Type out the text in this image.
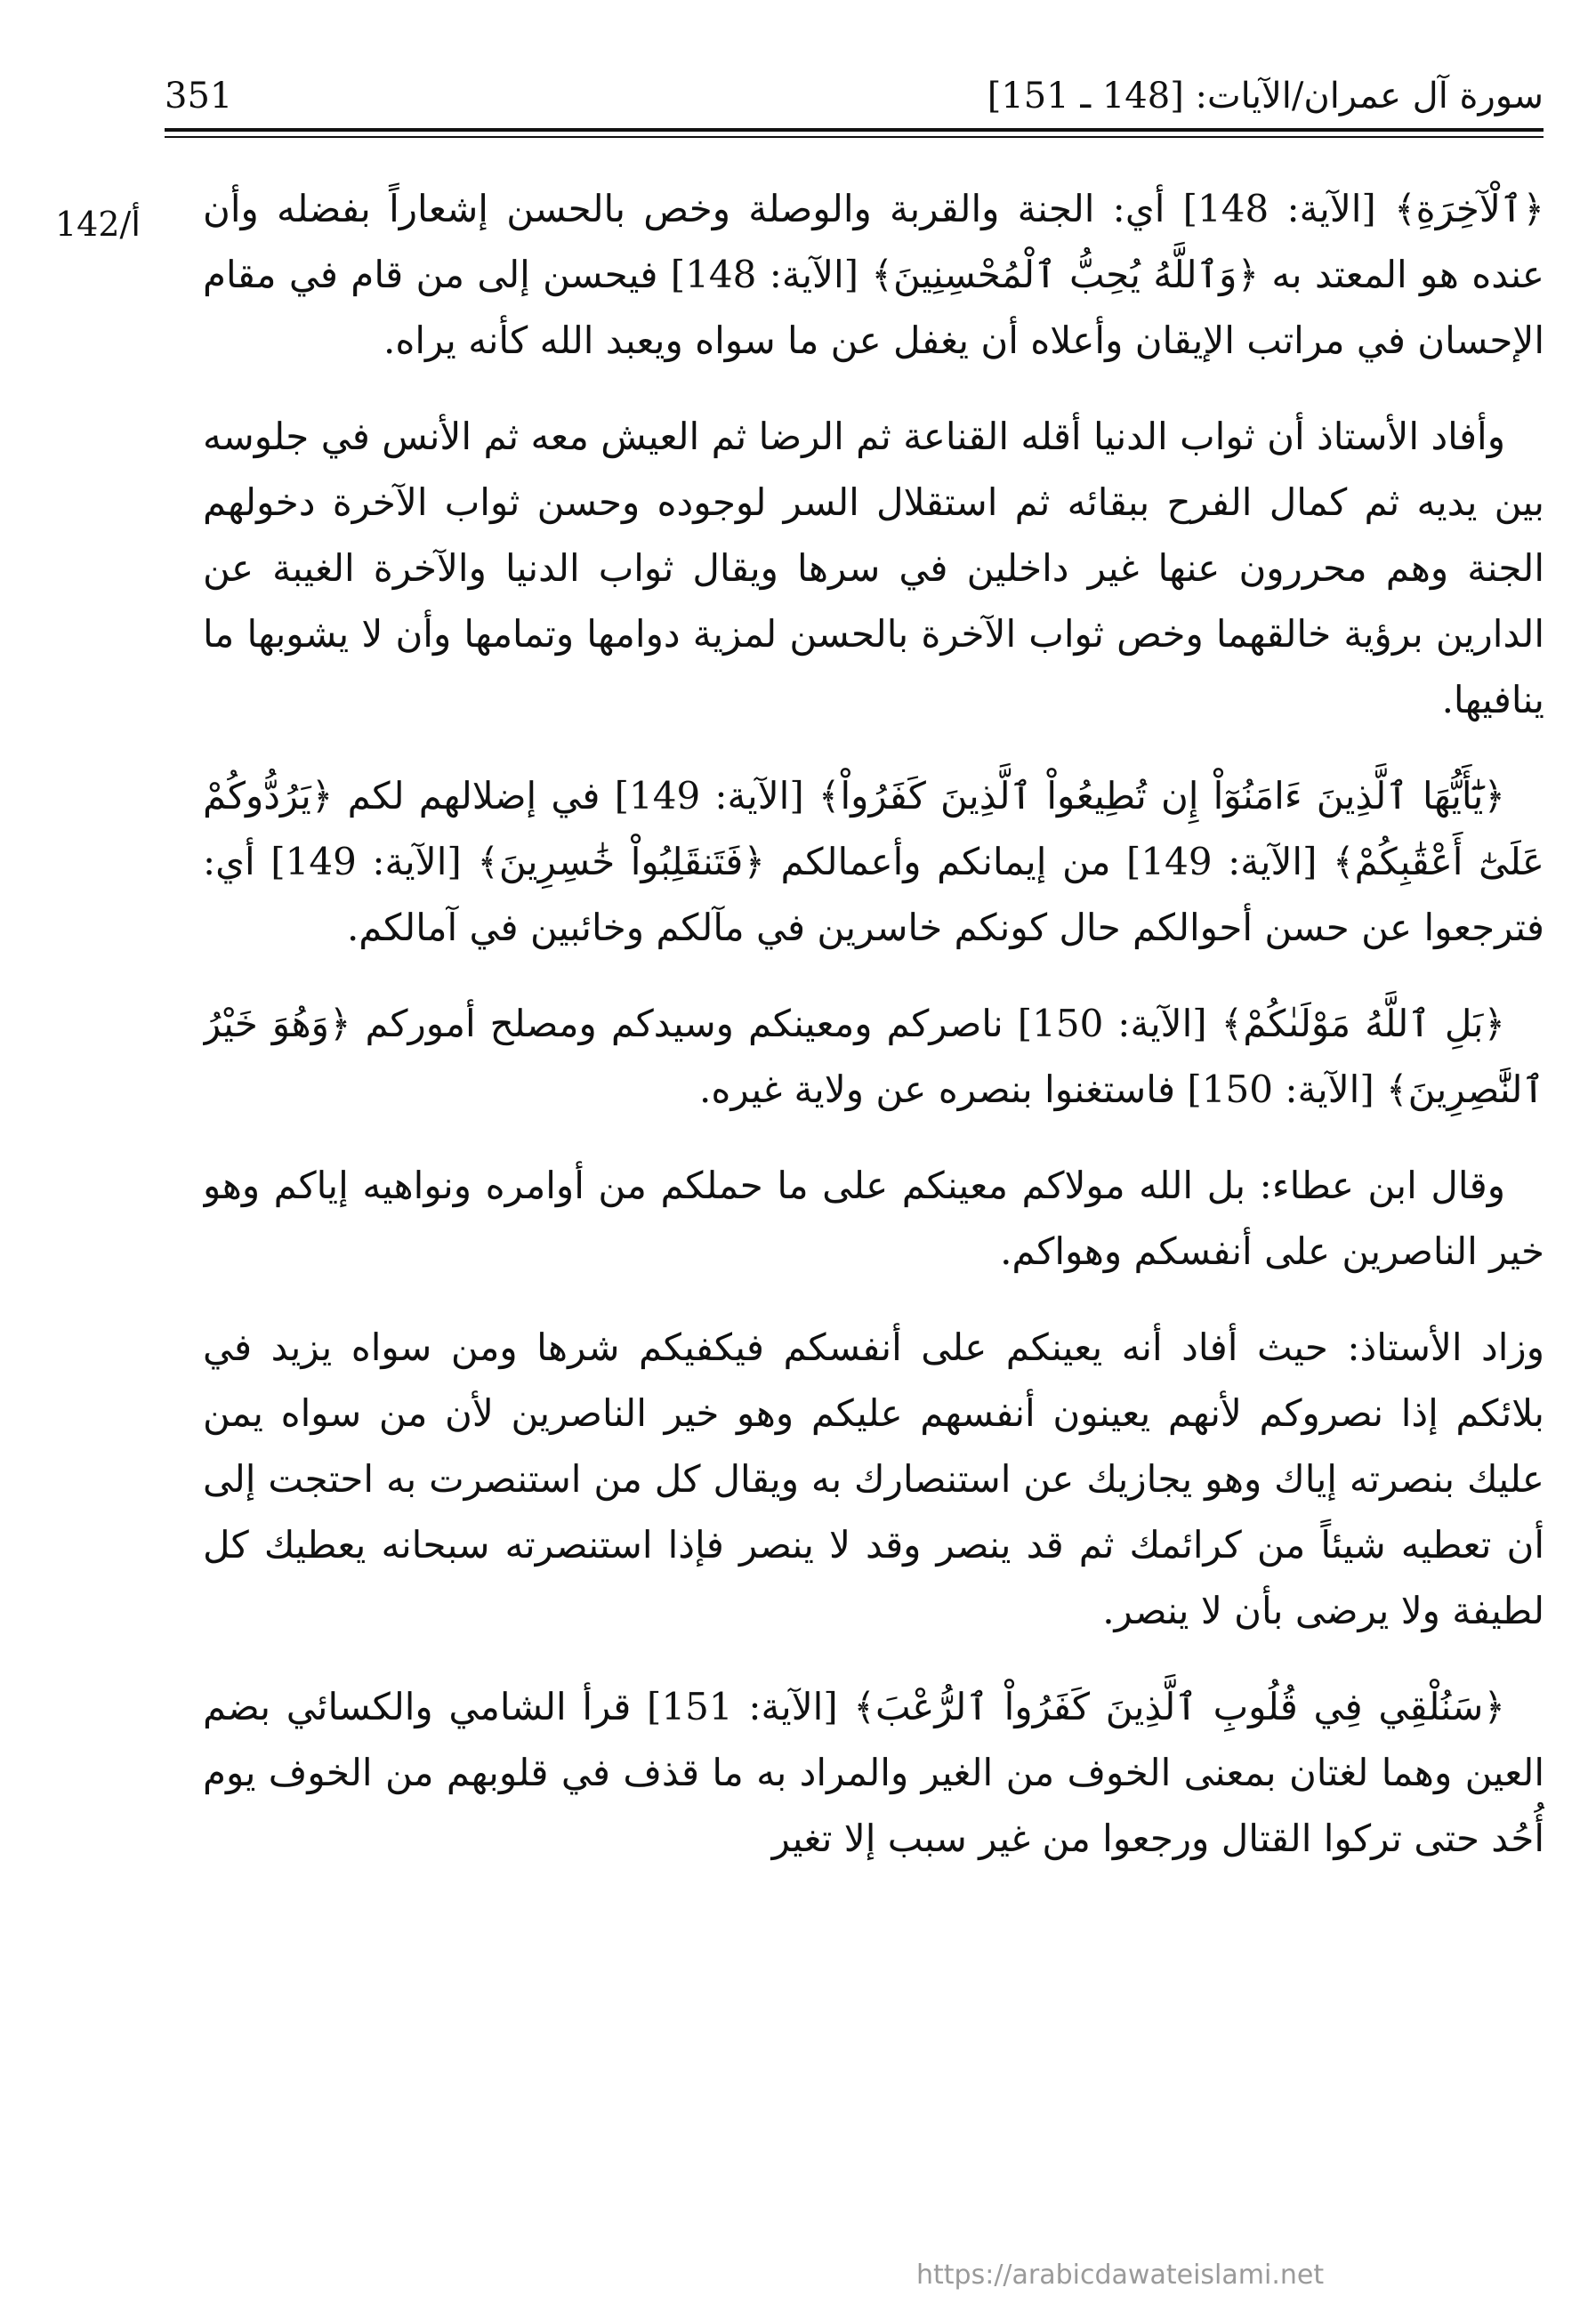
351	سورة آل عمران/الآيات: [148 ـ 151]
142/أ ﴿ٱلْآخِرَةِ﴾ [الآية: 148] أي: الجنة والقربة والوصلة وخص بالحسن إشعاراً بفضله وأن عنده هو المعتد به ﴿وَٱللَّهُ يُحِبُّ ٱلْمُحْسِنِينَ﴾ [الآية: 148] فيحسن إلى من قام في مقام الإحسان في مراتب الإيقان وأعلاه أن يغفل عن ما سواه ويعبد الله كأنه يراه.

وأفاد الأستاذ أن ثواب الدنيا أقله القناعة ثم الرضا ثم العيش معه ثم الأنس في جلوسه بين يديه ثم كمال الفرح ببقائه ثم استقلال السر لوجوده وحسن ثواب الآخرة دخولهم الجنة وهم محررون عنها غير داخلين في سرها ويقال ثواب الدنيا والآخرة الغيبة عن الدارين برؤية خالقهما وخص ثواب الآخرة بالحسن لمزية دوامها وتمامها وأن لا يشوبها ما ينافيها.

﴿يَٰٓأَيُّهَا ٱلَّذِينَ ءَامَنُوٓاْ إِن تُطِيعُواْ ٱلَّذِينَ كَفَرُواْ﴾ [الآية: 149] في إضلالهم لكم ﴿يَرُدُّوكُمْ عَلَىٰٓ أَعْقَٰبِكُمْ﴾ [الآية: 149] من إيمانكم وأعمالكم ﴿فَتَنقَلِبُواْ خَٰسِرِينَ﴾ [الآية: 149] أي: فترجعوا عن حسن أحوالكم حال كونكم خاسرين في مآلكم وخائبين في آمالكم.

﴿بَلِ ٱللَّهُ مَوْلَىٰكُمْ﴾ [الآية: 150] ناصركم ومعينكم وسيدكم ومصلح أموركم ﴿وَهُوَ خَيْرُ ٱلنَّٰصِرِينَ﴾ [الآية: 150] فاستغنوا بنصره عن ولاية غيره.

وقال ابن عطاء: بل الله مولاكم معينكم على ما حملكم من أوامره ونواهيه إياكم وهو خير الناصرين على أنفسكم وهواكم.

وزاد الأستاذ: حيث أفاد أنه يعينكم على أنفسكم فيكفيكم شرها ومن سواه يزيد في بلائكم إذا نصروكم لأنهم يعينون أنفسهم عليكم وهو خير الناصرين لأن من سواه يمن عليك بنصرته إياك وهو يجازيك عن استنصارك به ويقال كل من استنصرت به احتجت إلى أن تعطيه شيئاً من كرائمك ثم قد ينصر وقد لا ينصر فإذا استنصرته سبحانه يعطيك كل لطيفة ولا يرضى بأن لا ينصر.

﴿سَنُلْقِي فِي قُلُوبِ ٱلَّذِينَ كَفَرُواْ ٱلرُّعْبَ﴾ [الآية: 151] قرأ الشامي والكسائي بضم العين وهما لغتان بمعنى الخوف من الغير والمراد به ما قذف في قلوبهم من الخوف يوم أُحُد حتى تركوا القتال ورجعوا من غير سبب إلا تغير

https://arabicdawateislami.net
